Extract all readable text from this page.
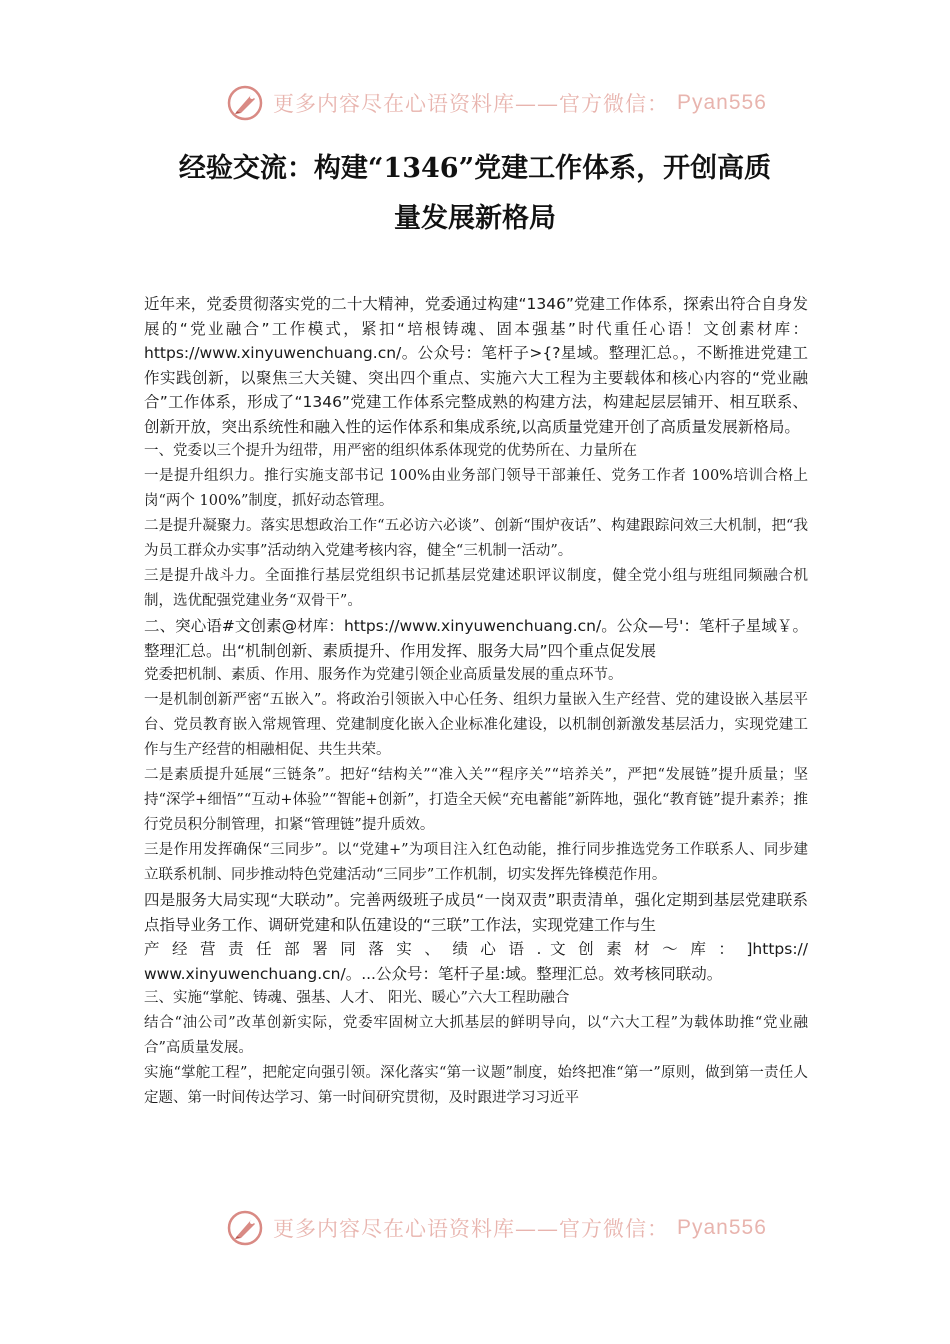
更多内容尽在心语资料库——官方微信： Pyan556
经验交流：构建“1346”党建工作体系，开创高质
量发展新格局

近年来，党委贯彻落实党的二十大精神，党委通过构建“1346”党建工作体系，探索出符合自身发展的“党业融合”工作模式，紧扣“培根铸魂、固本强基”时代重任心语！文创素材库：https://www.xinyuwenchuang.cn/。公众号：笔杆子>{?星域。整理汇总。，不断推进党建工作实践创新，以聚焦三大关键、突出四个重点、实施六大工程为主要载体和核心内容的“党业融合”工作体系，形成了“1346”党建工作体系完整成熟的构建方法，构建起层层铺开、相互联系、创新开放，突出系统性和融入性的运作体系和集成系统,以高质量党建开创了高质量发展新格局。

一、党委以三个提升为纽带，用严密的组织体系体现党的优势所在、力量所在

一是提升组织力。推行实施支部书记 100%由业务部门领导干部兼任、党务工作者 100%培训合格上岗“两个 100%”制度，抓好动态管理。

二是提升凝聚力。落实思想政治工作“五必访六必谈”、创新“围炉夜话”、构建跟踪问效三大机制，把“我为员工群众办实事”活动纳入党建考核内容，健全“三机制一活动”。

三是提升战斗力。全面推行基层党组织书记抓基层党建述职评议制度，健全党小组与班组同频融合机制，选优配强党建业务“双骨干”。

二、突心语#文创素@材库：https://www.xinyuwenchuang.cn/。公众—号'：笔杆子星域￥。整理汇总。出“机制创新、素质提升、作用发挥、服务大局”四个重点促发展

党委把机制、素质、作用、服务作为党建引领企业高质量发展的重点环节。

一是机制创新严密“五嵌入”。将政治引领嵌入中心任务、组织力量嵌入生产经营、党的建设嵌入基层平台、党员教育嵌入常规管理、党建制度化嵌入企业标准化建设，以机制创新激发基层活力，实现党建工作与生产经营的相融相促、共生共荣。

二是素质提升延展“三链条”。把好“结构关”“准入关”“程序关”“培养关”，严把“发展链”提升质量；坚持“深学+细悟”“互动+体验”“智能+创新”，打造全天候“充电蓄能”新阵地，强化“教育链”提升素养；推行党员积分制管理，扣紧“管理链”提升质效。

三是作用发挥确保“三同步”。以“党建+”为项目注入红色动能，推行同步推选党务工作联系人、同步建立联系机制、同步推动特色党建活动“三同步”工作机制，切实发挥先锋模范作用。

四是服务大局实现“大联动”。完善两级班子成员“一岗双责”职责清单，强化定期到基层党建联系点指导业务工作、调研党建和队伍建设的“三联”工作法，实现党建工作与生

产 经 营 责 任 部 署 同 落 实 、 绩 心 语 . 文 创 素 材 ～ 库 ： ]https://

www.xinyuwenchuang.cn/。...公众号：笔杆子星:域。整理汇总。效考核同联动。

三、实施“掌舵、铸魂、强基、人才、 阳光、暖心”六大工程助融合

结合“油公司”改革创新实际，党委牢固树立大抓基层的鲜明导向，以“六大工程”为载体助推“党业融合”高质量发展。

实施“掌舵工程”，把舵定向强引领。深化落实“第一议题”制度，始终把准“第一”原则，做到第一责任人定题、第一时间传达学习、第一时间研究贯彻，及时跟进学习习近平

更多内容尽在心语资料库——官方微信： Pyan556
